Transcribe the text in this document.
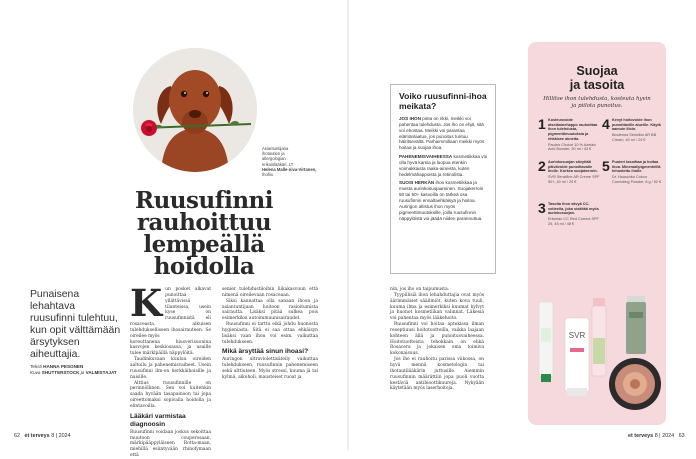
Asiantuntijana
ihotautien ja
allergologian
erikoislääkäri, LT
Helena Malle-niva-Virtanen,
Ihofiix.
Ruusufinni
rauhoittuu lempeällä
hoidolla
Punaisena lehahtava ruusufinni tulehtuu, kun opit välttämään ärsytyksen aiheuttajia.
Teksti HANNA PESONEN
Kuva SHUTTERSTOCK ja VALMISTAJAT
K un posket alkavat punoittaa yllättävissä tilanteissa, usein kyse on ruusufinnistä eli rosaceasta, aikuisen tulehdukselliseen ihosairauteen. Se oireilee myös

koreuttanena hiusverisuonina kasvojen keskiosassa, ja usaille tulee märkipäillä näppylöitä.

Taudinkuvaan kuuluu oireiden aaltoilu ja pahenemisvaiheet. Usein ruusufinni ilm-on herkkäihoisille ja naisille.

Alttius ruusufinnille on perinnöllinen. Sen voi kuitenkin saada hyvään tasapainoon tai jopa oireettomaksi sopivalla hoidolla ja elintavoilla.

Lääkäri varmistaa diagnoosin

Ruusufinni voidaan joskus sekoittaa muutoon couperosaan, märkipääppyläiseen Rotta-maan, miehillä esiintyvään rhinofymaan että

senier tulehdustiloihin liikakasvuun että nimenä oireilevaan rosaceaan.

Siksi kannattaa olla sanaan ihoon ja asiantuntijaan hoitoon rasioitumista sairautta. Lisäksi pitää sulkea pois esimerkiksi autoimmuunisairaudet.

Ruusufinni ei tarttu eikä johdu huonosta hygieniasta. Sitä ei saa ottaa ehkäisyn lisäksi vaan ihon voi esim. vaikuttaa tulehdukseen.

Mikä ärsyttää sinun ihoasi?

Auringon ultraviolettisäteily vaikuttaa tulehdukseen, ruusufinnin pahenemiseen sekä alttiuteen. Myös stressi, kuuma jä tai kylmä, alkoholi, mausteiset ruoat ja

62 et terveys 8 | 2024
Voiko ruusufinni-ihoa meikata?

JOS IHON pinta on rikki, meikki voi pahentaa tulehdusta. Jos iho on ehjä, sitä voi ehostaa. Meikki voi parantaa elämänlaatua, jos punoitus tuntuu häiritsevältä. Parhaimmillaan meikki myös hoitaa ja suojaa ihoa.

PAHENEMISVAIHEESSA kosmetiikkaa voi olla hyvä karsia ja luopua etenkin voimakkaista raaka-aineista, kuten hedelmähappoista ja retinolista.

SUOSI HERKÄN ihon kosmetiikkaa ja muista aurinkosuojaaminen. Suojakerroin 50 tai 50+ kasvoilla on tärkeä osa ruusufinnin ennaltaehkäisyä ja hoitoa. Auringon altistus ihon myös pigmenttimuutoksille, joilla ruusufinnin näppylöistä voi jäädä niiden parannuttua.

nin, jos iho on taipumusta.

Tyypillisiä ihon lehahduttajia ovat myös äärimmäiset sääilmiöt, kuten kova tuuli, kuuma ilma ja esimerkiksi kuumat kylvyt ja huonot kosmetiikan valinnat. Läkesiä voi pahentaa myös lääkehoito.

Ruusufinni voi hoitaa aptekissa ilman reseptiuusi hoitotuotteilla, vaikka laajaan kohteen ällä ja punoitusvaiheessa. Hoitotuotteista tehokkain on ehkä Rosacera ja jokaisen oma toimiva kokonaisuus.

Jos iho ei rauhoitu parissa viikossa, on hyvä mennä kosmetologin tai ihotautilääkärin juttusille. Aiemmin ruusufinnin määrättiin jopa puoli vuotta kestäviä antibioottikuureja. Nykyään käytetään myös laserhoitoja.

Suojaa
ja tasoita
Hillitse ihon tulehdusta, kosteuta hyvin ja piilota punoitus.
1 Kosteusvoide atseläainehappo rauhoittaa ihon tulehdusta, pigmenttimuutoksia ja ehkäisee akneita.
Paula's Choice 10 % Azelaic Acid Booster, 30 ml / 43 €
2 Aurinkosuojan sävyttää päivävoide punoittavalle iholle. Korkea suojakerroin.
SVR Sensifine AR Creme SPF 50+, 40 ml / 29 €
3 Tasoita ihon sävyä CC-voiteella, joka sisältää myös aurinkosuojan.
Erborian CC Red Correct SPF 25, 45 ml / 48 €
4 Kevyt hoitovoide ihon punoittaville alueille. Käytä aamuin illoin.
Bioderma Sensibio AR BB Cream, 40 ml / 24 €
5 Puuteri tasoittaa ja hoitaa ihoa. Mineraalipigmenteillä tehostettu iholle.
Dr. Hauschka Colour Correcting Powder, 8 g / 52 €
SVR
et terveys 8 | 2024 63
